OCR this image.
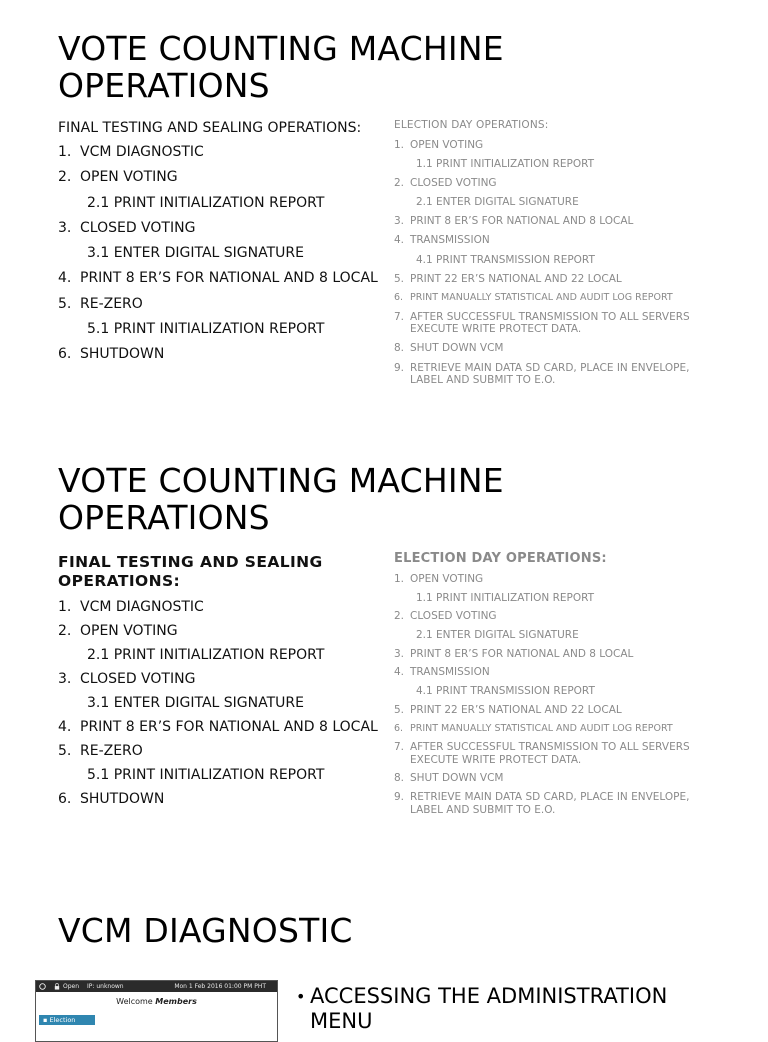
VOTE COUNTING MACHINE OPERATIONS

FINAL TESTING AND SEALING OPERATIONS:

1. VCM DIAGNOSTIC
2. OPEN VOTING
2.1 PRINT INITIALIZATION REPORT
3. CLOSED VOTING
3.1 ENTER DIGITAL SIGNATURE
4. PRINT 8 ER’S FOR NATIONAL AND 8 LOCAL
5. RE-ZERO
5.1 PRINT INITIALIZATION REPORT
6. SHUTDOWN

ELECTION DAY OPERATIONS:

1. OPEN VOTING
1.1 PRINT INITIALIZATION REPORT
2. CLOSED VOTING
2.1 ENTER DIGITAL SIGNATURE
3. PRINT 8 ER’S FOR NATIONAL AND 8 LOCAL
4. TRANSMISSION
4.1 PRINT TRANSMISSION REPORT
5. PRINT 22 ER’S NATIONAL AND 22 LOCAL
6. PRINT MANUALLY STATISTICAL AND AUDIT LOG REPORT
7. AFTER SUCCESSFUL TRANSMISSION TO ALL SERVERS EXECUTE WRITE PROTECT DATA.
8. SHUT DOWN VCM
9. RETRIEVE MAIN DATA SD CARD, PLACE IN ENVELOPE, LABEL AND SUBMIT TO E.O.
VOTE COUNTING MACHINE OPERATIONS

FINAL TESTING AND SEALING OPERATIONS:

1. VCM DIAGNOSTIC
2. OPEN VOTING
2.1 PRINT INITIALIZATION REPORT
3. CLOSED VOTING
3.1 ENTER DIGITAL SIGNATURE
4. PRINT 8 ER’S FOR NATIONAL AND 8 LOCAL
5. RE-ZERO
5.1 PRINT INITIALIZATION REPORT
6. SHUTDOWN

ELECTION DAY OPERATIONS:

1. OPEN VOTING
1.1 PRINT INITIALIZATION REPORT
2. CLOSED VOTING
2.1 ENTER DIGITAL SIGNATURE
3. PRINT 8 ER’S FOR NATIONAL AND 8 LOCAL
4. TRANSMISSION
4.1 PRINT TRANSMISSION REPORT
5. PRINT 22 ER’S NATIONAL AND 22 LOCAL
6. PRINT MANUALLY STATISTICAL AND AUDIT LOG REPORT
7. AFTER SUCCESSFUL TRANSMISSION TO ALL SERVERS EXECUTE WRITE PROTECT DATA.
8. SHUT DOWN VCM
9. RETRIEVE MAIN DATA SD CARD, PLACE IN ENVELOPE, LABEL AND SUBMIT TO E.O.
VCM DIAGNOSTIC
Open IP: unknown	Mon 1 Feb 2016 01:00 PM PHT
Welcome Members
▪ Election
• ACCESSING THE ADMINISTRATION MENU
